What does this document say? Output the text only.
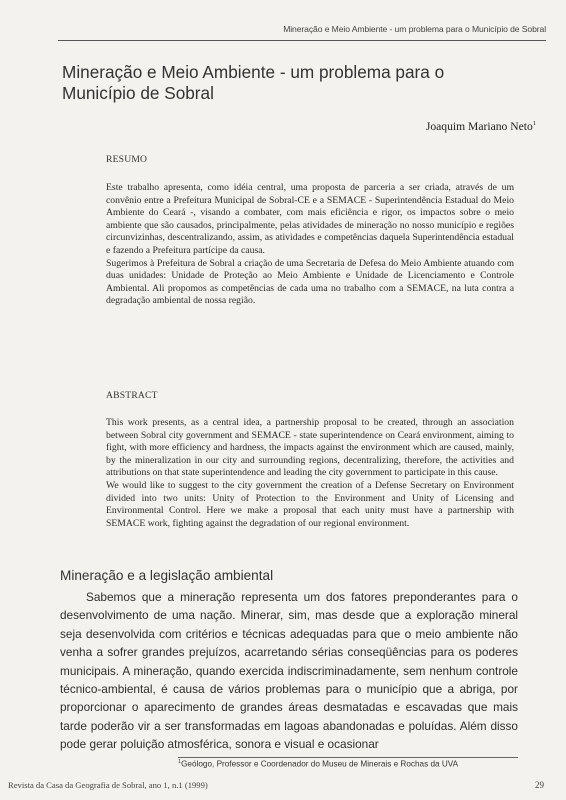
Mineração e Meio Ambiente - um problema para o Município de Sobral
Mineração e Meio Ambiente - um problema para o Município de Sobral
Joaquim Mariano Neto$^1$
RESUMO

Este trabalho apresenta, como idéia central, uma proposta de parceria a ser criada, através de um convênio entre a Prefeitura Municipal de Sobral-CE e a SEMACE - Superintendência Estadual do Meio Ambiente do Ceará -, visando a combater, com mais eficiência e rigor, os impactos sobre o meio ambiente que são causados, principalmente, pelas atividades de mineração no nosso município e regiões circunvizinhas, descentralizando, assim, as atividades e competências daquela Superintendência estadual e fazendo a Prefeitura partícipe da causa.

Sugerimos à Prefeitura de Sobral a criação de uma Secretaria de Defesa do Meio Ambiente atuando com duas unidades: Unidade de Proteção ao Meio Ambiente e Unidade de Licenciamento e Controle Ambiental. Ali propomos as competências de cada uma no trabalho com a SEMACE, na luta contra a degradação ambiental de nossa região.

ABSTRACT

This work presents, as a central idea, a partnership proposal to be created, through an association between Sobral city government and SEMACE - state superintendence on Ceará environment, aiming to fight, with more efficiency and hardness, the impacts against the environment which are caused, mainly, by the mineralization in our city and surrounding regions, decentralizing, therefore, the activities and attributions on that state superintendence and leading the city government to participate in this cause.

We would like to suggest to the city government the creation of a Defense Secretary on Environment divided into two units: Unity of Protection to the Environment and Unity of Licensing and Environmental Control. Here we make a proposal that each unity must have a partnership with SEMACE work, fighting against the degradation of our regional environment.

Mineração e a legislação ambiental

Sabemos que a mineração representa um dos fatores preponderantes para o desenvolvimento de uma nação. Minerar, sim, mas desde que a exploração mineral seja desenvolvida com critérios e técnicas adequadas para que o meio ambiente não venha a sofrer grandes prejuízos, acarretando sérias conseqüências para os poderes municipais. A mineração, quando exercida indiscriminadamente, sem nenhum controle técnico-ambiental, é causa de vários problemas para o município que a abriga, por proporcionar o aparecimento de grandes áreas desmatadas e escavadas que mais tarde poderão vir a ser transformadas em lagoas abandonadas e poluídas. Além disso pode gerar poluição atmosférica, sonora e visual e ocasionar

$^1$Geólogo, Professor e Coordenador do Museu de Minerais e Rochas da UVA
Revista da Casa da Geografia de Sobral, ano 1, n.1 (1999)	29
